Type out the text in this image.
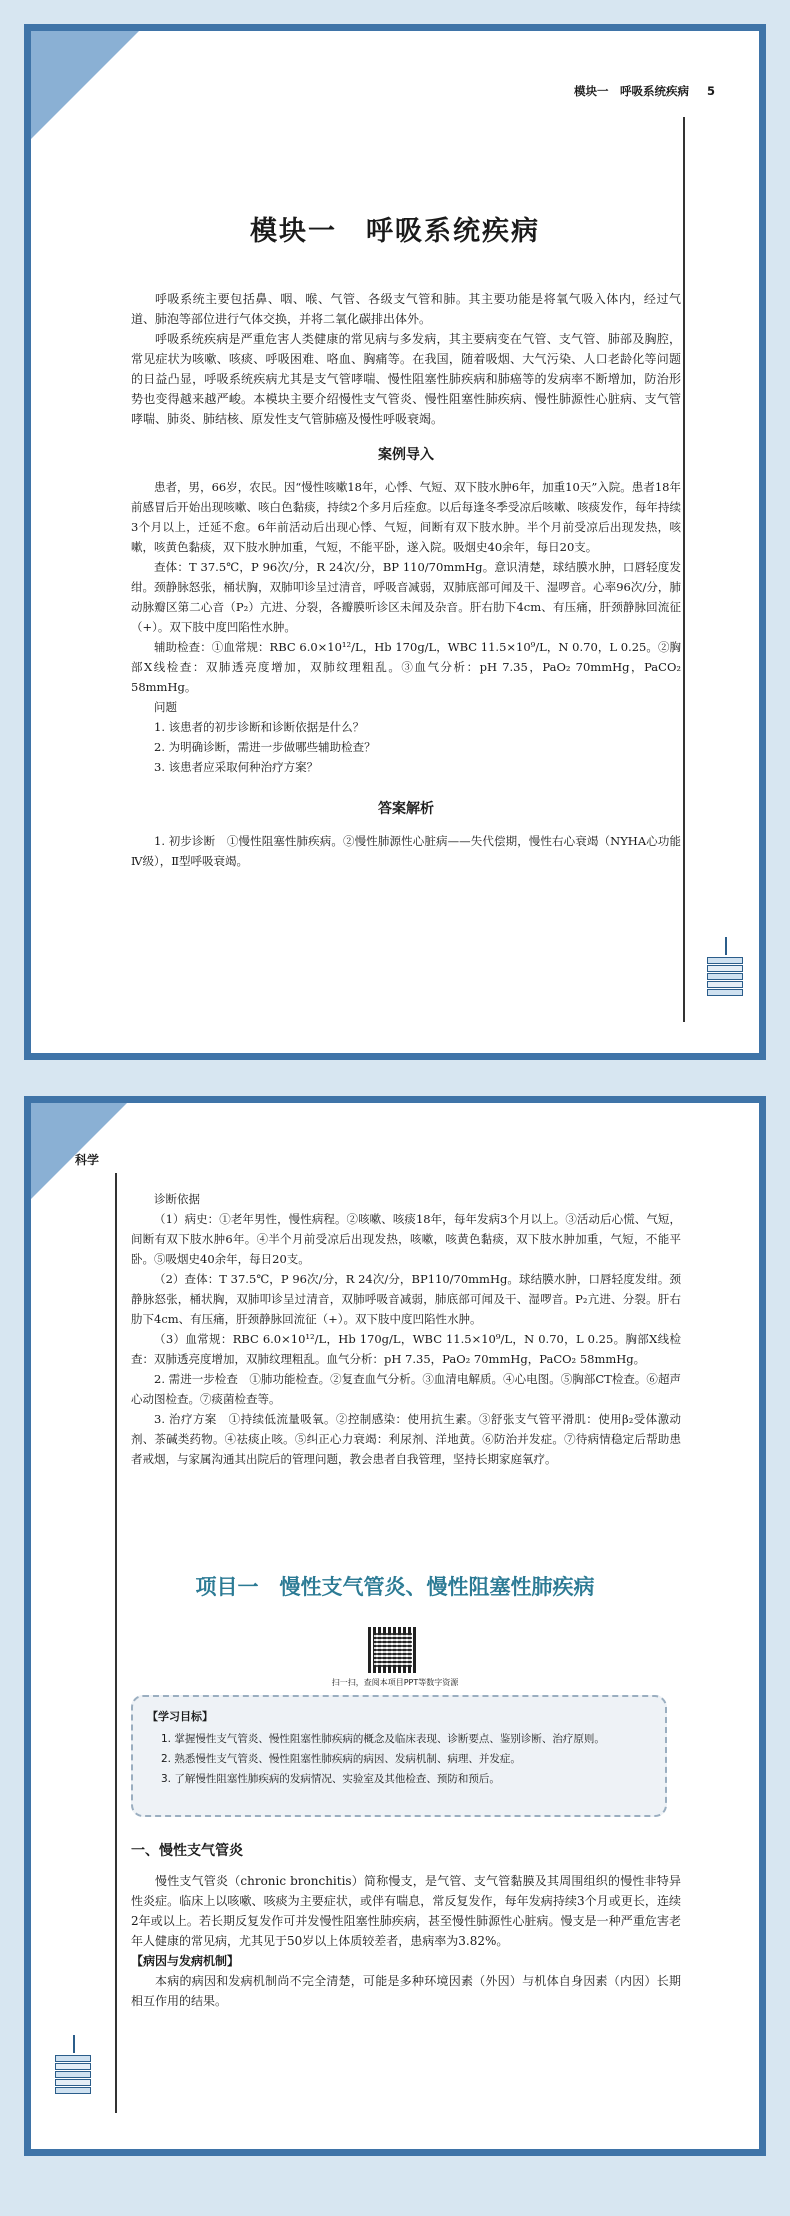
模块一　呼吸系统疾病 5
模块一　呼吸系统疾病

呼吸系统主要包括鼻、咽、喉、气管、各级支气管和肺。其主要功能是将氧气吸入体内，经过气道、肺泡等部位进行气体交换，并将二氧化碳排出体外。

呼吸系统疾病是严重危害人类健康的常见病与多发病，其主要病变在气管、支气管、肺部及胸腔，常见症状为咳嗽、咳痰、呼吸困难、咯血、胸痛等。在我国，随着吸烟、大气污染、人口老龄化等问题的日益凸显，呼吸系统疾病尤其是支气管哮喘、慢性阻塞性肺疾病和肺癌等的发病率不断增加，防治形势也变得越来越严峻。本模块主要介绍慢性支气管炎、慢性阻塞性肺疾病、慢性肺源性心脏病、支气管哮喘、肺炎、肺结核、原发性支气管肺癌及慢性呼吸衰竭。

案例导入

患者，男，66岁，农民。因“慢性咳嗽18年，心悸、气短、双下肢水肿6年，加重10天”入院。患者18年前感冒后开始出现咳嗽、咳白色黏痰，持续2个多月后痊愈。以后每逢冬季受凉后咳嗽、咳痰发作，每年持续3个月以上，迁延不愈。6年前活动后出现心悸、气短，间断有双下肢水肿。半个月前受凉后出现发热，咳嗽，咳黄色黏痰，双下肢水肿加重，气短，不能平卧，遂入院。吸烟史40余年，每日20支。

查体：T 37.5℃，P 96次/分，R 24次/分，BP 110/70mmHg。意识清楚，球结膜水肿，口唇轻度发绀。颈静脉怒张，桶状胸，双肺叩诊呈过清音，呼吸音减弱，双肺底部可闻及干、湿啰音。心率96次/分，肺动脉瓣区第二心音（P₂）亢进、分裂，各瓣膜听诊区未闻及杂音。肝右肋下4cm、有压痛，肝颈静脉回流征（+）。双下肢中度凹陷性水肿。

辅助检查：①血常规：RBC 6.0×10¹²/L，Hb 170g/L，WBC 11.5×10⁹/L，N 0.70，L 0.25。②胸部X线检查：双肺透亮度增加，双肺纹理粗乱。③血气分析：pH 7.35，PaO₂ 70mmHg，PaCO₂ 58mmHg。

问题

1. 该患者的初步诊断和诊断依据是什么？

2. 为明确诊断，需进一步做哪些辅助检查？

3. 该患者应采取何种治疗方案？

答案解析

1. 初步诊断　①慢性阻塞性肺疾病。②慢性肺源性心脏病——失代偿期，慢性右心衰竭（NYHA心功能Ⅳ级），Ⅱ型呼吸衰竭。

科学

诊断依据

（1）病史：①老年男性，慢性病程。②咳嗽、咳痰18年，每年发病3个月以上。③活动后心慌、气短，间断有双下肢水肿6年。④半个月前受凉后出现发热，咳嗽，咳黄色黏痰，双下肢水肿加重，气短，不能平卧。⑤吸烟史40余年，每日20支。

（2）查体：T 37.5℃，P 96次/分，R 24次/分，BP110/70mmHg。球结膜水肿，口唇轻度发绀。颈静脉怒张，桶状胸，双肺叩诊呈过清音，双肺呼吸音减弱，肺底部可闻及干、湿啰音。P₂亢进、分裂。肝右肋下4cm、有压痛，肝颈静脉回流征（+）。双下肢中度凹陷性水肿。

（3）血常规：RBC 6.0×10¹²/L，Hb 170g/L，WBC 11.5×10⁹/L，N 0.70，L 0.25。胸部X线检查：双肺透亮度增加，双肺纹理粗乱。血气分析：pH 7.35，PaO₂ 70mmHg，PaCO₂ 58mmHg。

2. 需进一步检查　①肺功能检查。②复查血气分析。③血清电解质。④心电图。⑤胸部CT检查。⑥超声心动图检查。⑦痰菌检查等。

3. 治疗方案　①持续低流量吸氧。②控制感染：使用抗生素。③舒张支气管平滑肌：使用β₂受体激动剂、茶碱类药物。④祛痰止咳。⑤纠正心力衰竭：利尿剂、洋地黄。⑥防治并发症。⑦待病情稳定后帮助患者戒烟，与家属沟通其出院后的管理问题，教会患者自我管理，坚持长期家庭氧疗。

项目一　慢性支气管炎、慢性阻塞性肺疾病
扫一扫，查阅本项目PPT等数字资源
【学习目标】
1. 掌握慢性支气管炎、慢性阻塞性肺疾病的概念及临床表现、诊断要点、鉴别诊断、治疗原则。
2. 熟悉慢性支气管炎、慢性阻塞性肺疾病的病因、发病机制、病理、并发症。
3. 了解慢性阻塞性肺疾病的发病情况、实验室及其他检查、预防和预后。
一、慢性支气管炎

慢性支气管炎（chronic bronchitis）简称慢支，是气管、支气管黏膜及其周围组织的慢性非特异性炎症。临床上以咳嗽、咳痰为主要症状，或伴有喘息，常反复发作，每年发病持续3个月或更长，连续2年或以上。若长期反复发作可并发慢性阻塞性肺疾病，甚至慢性肺源性心脏病。慢支是一种严重危害老年人健康的常见病，尤其见于50岁以上体质较差者，患病率为3.82%。

【病因与发病机制】

本病的病因和发病机制尚不完全清楚，可能是多种环境因素（外因）与机体自身因素（内因）长期相互作用的结果。
